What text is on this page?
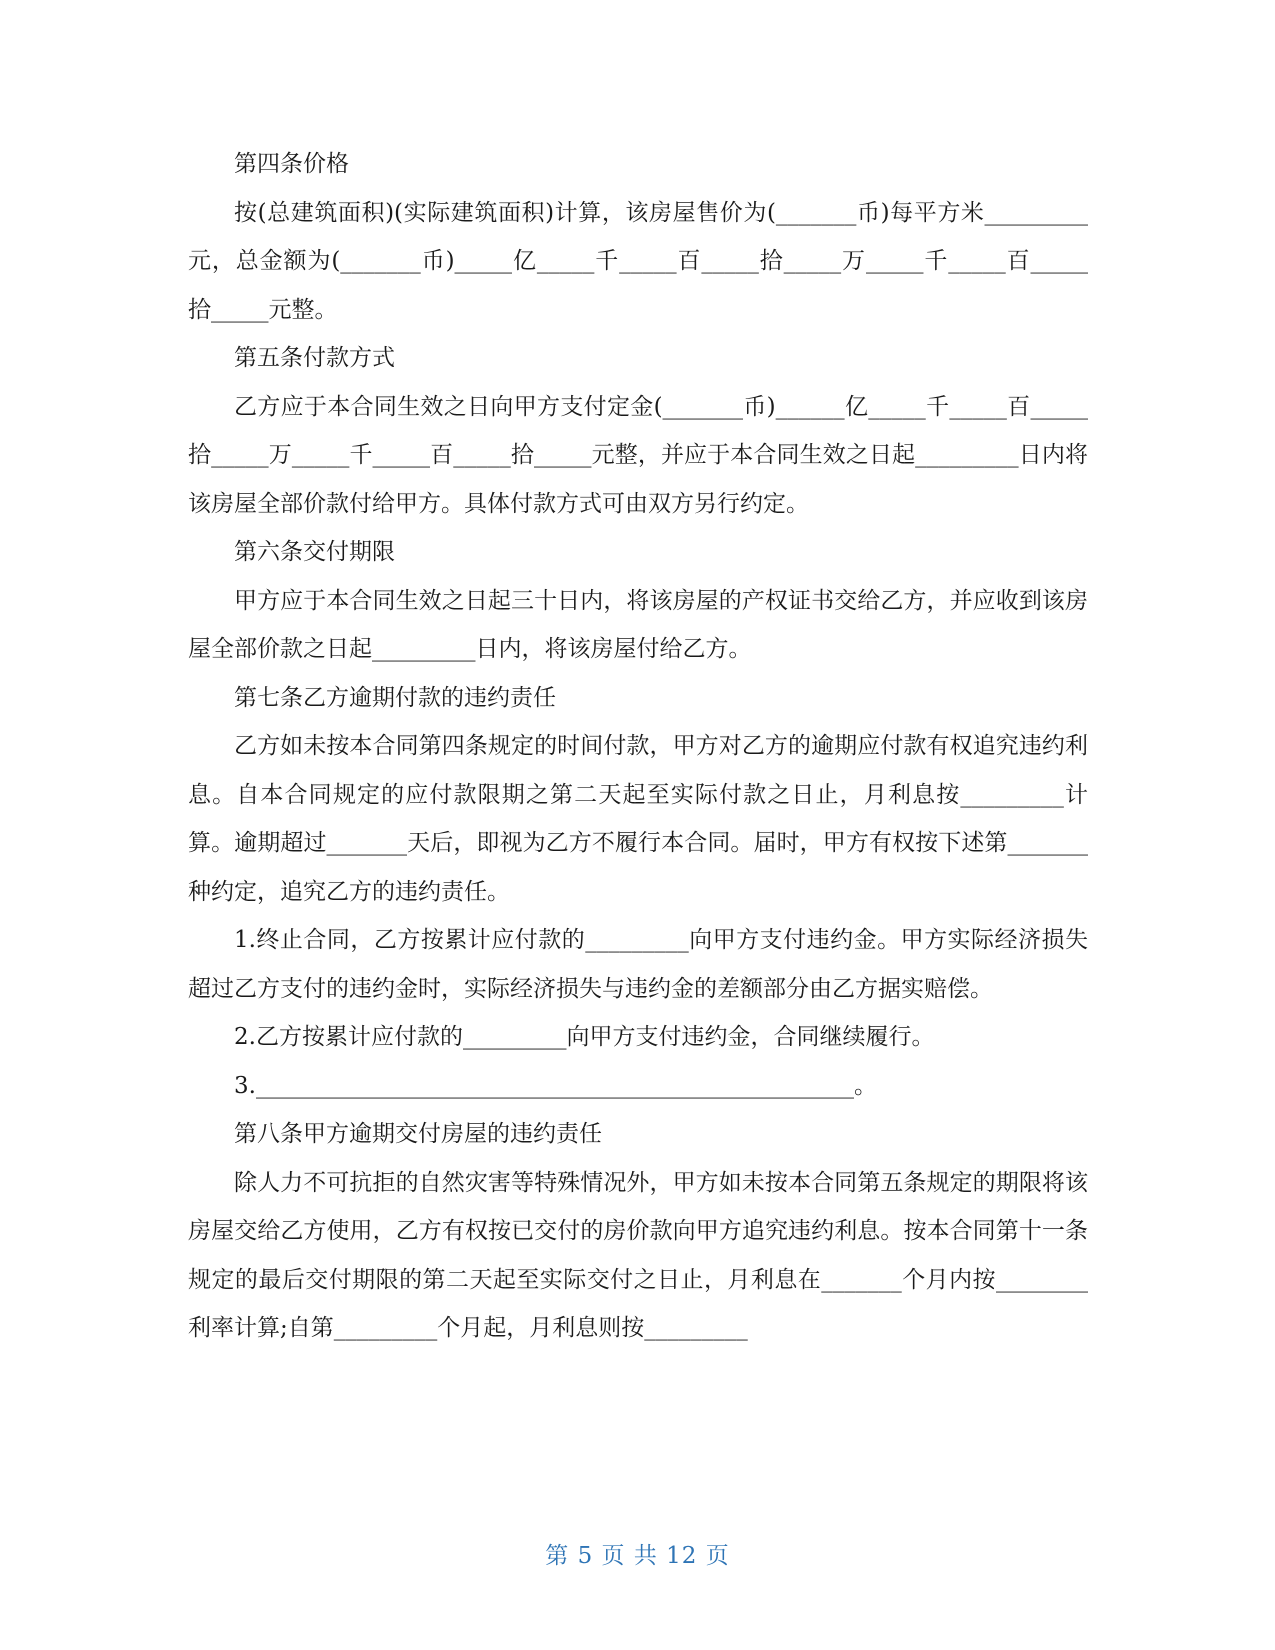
第四条价格

按(总建筑面积)(实际建筑面积)计算，该房屋售价为(_______币)每平方米_________元，总金额为(_______币)_____亿_____千_____百_____拾_____万_____千_____百_____拾_____元整。

第五条付款方式

乙方应于本合同生效之日向甲方支付定金(_______币)______亿_____千_____百_____拾_____万_____千_____百_____拾_____元整，并应于本合同生效之日起_________日内将该房屋全部价款付给甲方。具体付款方式可由双方另行约定。

第六条交付期限

甲方应于本合同生效之日起三十日内，将该房屋的产权证书交给乙方，并应收到该房屋全部价款之日起_________日内，将该房屋付给乙方。

第七条乙方逾期付款的违约责任

乙方如未按本合同第四条规定的时间付款，甲方对乙方的逾期应付款有权追究违约利息。自本合同规定的应付款限期之第二天起至实际付款之日止，月利息按_________计算。逾期超过_______天后，即视为乙方不履行本合同。届时，甲方有权按下述第_______种约定，追究乙方的违约责任。

1.终止合同，乙方按累计应付款的_________向甲方支付违约金。甲方实际经济损失超过乙方支付的违约金时，实际经济损失与违约金的差额部分由乙方据实赔偿。

2.乙方按累计应付款的_________向甲方支付违约金，合同继续履行。

3.____________________________________________________。

第八条甲方逾期交付房屋的违约责任

除人力不可抗拒的自然灾害等特殊情况外，甲方如未按本合同第五条规定的期限将该房屋交给乙方使用，乙方有权按已交付的房价款向甲方追究违约利息。按本合同第十一条规定的最后交付期限的第二天起至实际交付之日止，月利息在_______个月内按________利率计算;自第_________个月起，月利息则按_________

第 5 页 共 12 页
